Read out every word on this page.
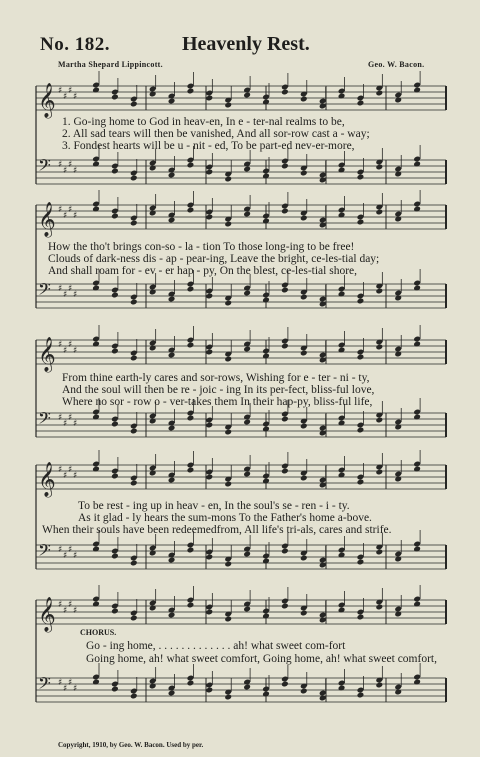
𝄞 ♯
♯
♯
♯
𝄢 ♯
♯
♯
♯
𝄞 ♯
♯
♯
♯
𝄢 ♯
♯
♯
♯
𝄞 ♯
♯
♯
♯
𝄢 ♯
♯
♯
♯
𝄞 ♯
♯
♯
♯
𝄢 ♯
♯
♯
♯
𝄞 ♯
♯
♯
♯
𝄢 ♯
♯
♯
♯
No. 182.	Heavenly Rest.
Martha Shepard Lippincott.	Geo. W. Bacon.
1. Go-ing home to God in heav-en, In e - ter-nal realms to be,
2. All sad tears will then be vanished, And all sor-row cast a - way;
3. Fondest hearts will be u - nit - ed, To be part-ed nev-er-more,
How the tho't brings con-so - la - tion To those long-ing to be free!
Clouds of dark-ness dis - ap - pear-ing, Leave the bright, ce-les-tial day;
And shall roam for - ev - er hap - py, On the blest, ce-les-tial shore,
From thine earth-ly cares and sor-rows, Wishing for e - ter - ni - ty,
And the soul will then be re - joic - ing In its per-fect, bliss-ful love,
Where no sor - row o - ver-takes them In their hap-py, bliss-ful life,
To be rest - ing up in heav - en, In the soul's se - ren - i - ty.
As it glad - ly hears the sum-mons To the Father's home a-bove.
When their souls have been redeemedfrom, All life's tri-als, cares and strife.
CHORUS.
Go - ing home, . . . . . . . . . . . . . ah! what sweet com-fort
Going home, ah! what sweet comfort, Going home, ah! what sweet comfort,
Copyright, 1910, by Geo. W. Bacon. Used by per.
